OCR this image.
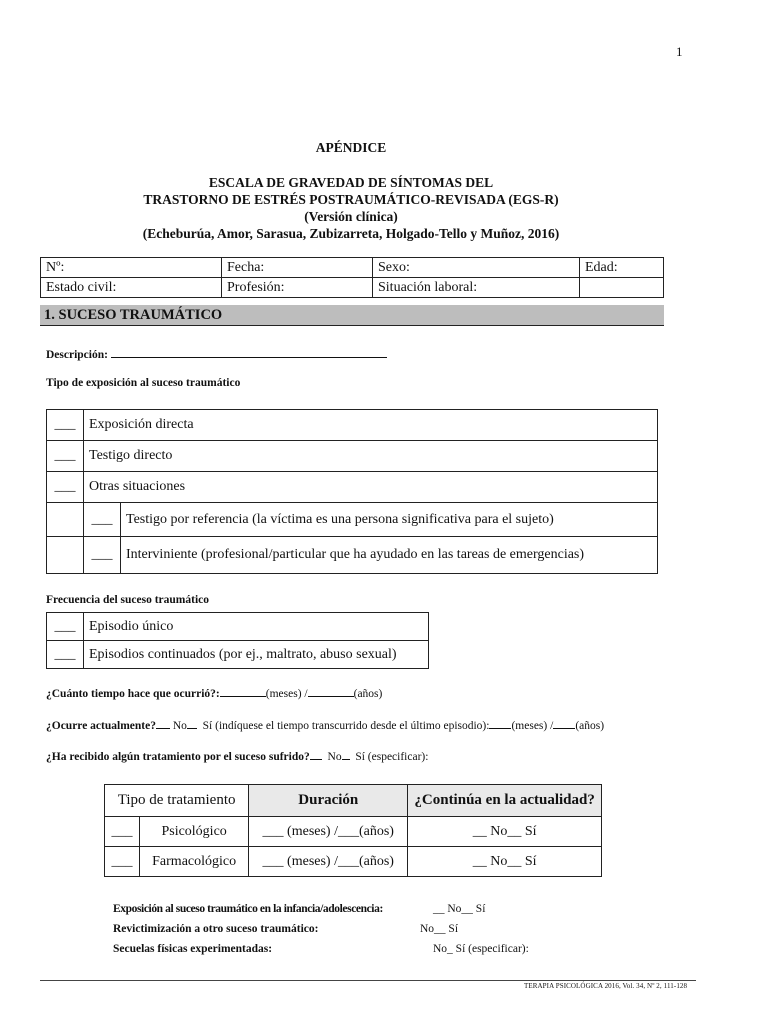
1
APÉNDICE
ESCALA DE GRAVEDAD DE SÍNTOMAS DEL
TRASTORNO DE ESTRÉS POSTRAUMÁTICO-REVISADA (EGS-R)
(Versión clínica)
(Echeburúa, Amor, Sarasua, Zubizarreta, Holgado-Tello y Muñoz, 2016)
Nº:	Fecha:	Sexo:	Edad:
Estado civil:	Profesión:	Situación laboral:	
1. SUCESO TRAUMÁTICO
Descripción:
Tipo de exposición al suceso traumático
___	Exposición directa	
___	Testigo directo	
___	Otras situaciones	
	___	Testigo por referencia (la víctima es una persona significativa para el sujeto)
	___	Interviniente (profesional/particular que ha ayudado en las tareas de emergencias)
Frecuencia del suceso traumático
___	Episodio único
___	Episodios continuados (por ej., maltrato, abuso sexual)
¿Cuánto tiempo hace que ocurrió?:	(meses) /	(años)
¿Ocurre actualmente? No Sí (indíquese el tiempo transcurrido desde el último episodio): (meses) / (años)
¿Ha recibido algún tratamiento por el suceso sufrido? No Sí (especificar):
Tipo de tratamiento		Duración	¿Continúa en la actualidad?
___	Psicológico	___ (meses) /___(años)	__ No__ Sí
___	Farmacológico	___ (meses) /___(años)	__ No__ Sí
Exposición al suceso traumático en la infancia/adolescencia:	__ No__ Sí
Revictimización a otro suceso traumático:	No__ Sí
Secuelas físicas experimentadas:	No_ Sí (especificar):
TERAPIA PSICOLÓGICA 2016, Vol. 34, Nº 2, 111-128
